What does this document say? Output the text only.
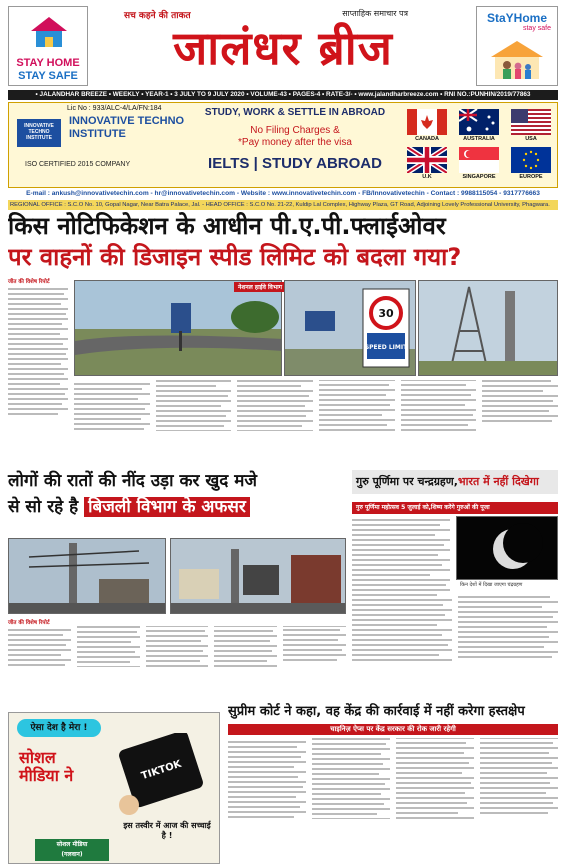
STAY HOME
STAY SAFE
सच कहने की ताकत	साप्ताहिक समाचार पत्र
जालंधर ब्रीज
StaYHome
stay safe
• JALANDHAR BREEZE • WEEKLY • YEAR-1 • 3 JULY TO 9 JULY 2020 • VOLUME-43 • PAGES-4 • RATE-3/- • www.jalandharbreeze.com • RNI NO.:PUNHIN/2019/77863
Lic No : 933/ALC-4/LA/FN:184
INNOVATIVE TECHNO INSTITUTE
INNOVATIVE TECHNO INSTITUTE
ISO CERTIFIED 2015 COMPANY
STUDY, WORK & SETTLE IN ABROAD
No Filing Charges &
*Pay money after the visa
IELTS | STUDY ABROAD
CANADA	AUSTRALIA	USA
U.K	SINGAPORE	EUROPE
E-mail : ankush@innovativetechin.com - hr@innovativetechin.com - Website : www.innovativetechin.com - FB/Innovativetechin - Contact : 9988115054 - 9317776663
REGIONAL OFFICE : S.C.O No. 10, Gopal Nagar, Near Batra Palace, Jal. - HEAD OFFICE : S.C.O No. 21-22, Kuldip Lal Complex, Highway Plaza, GT Road, Adjoining Lovely Professional University, Phagwara.
किस नोटिफिकेशन के आधीन पी.ए.पी.फ्लाईओवर
पर वाहनों की डिजाइन स्पीड लिमिट को बदला गया?
जीत की विशेष रिपोर्ट
नेशनल हाईवे विभाग
30
SPEED LIMIT
लोगों की रातों की नींद उड़ा कर खुद मजे
से सो रहे है बिजली विभाग के अफसर
जीत की विशेष रिपोर्ट
गुरु पूर्णिमा पर चन्द्रग्रहण,भारत में नहीं दिखेगा
गुरु पूर्णिमा महोत्सव 5 जुलाई को,शिष्य करेंगे गुरुओं की पूजा
किन देशों में दिखा जाएगा चंद्रग्रहण
ऐसा देश है मेरा !
सोशल
मीडिया ने	TIKTOK
इस तस्वीर में आज की सच्चाई है !
सोशल मीडिया
(गलवान)
सुप्रीम कोर्ट ने कहा, वह केंद्र की कार्रवाई में नहीं करेगा हस्तक्षेप
चाइनिज़ ऐप्स पर केंद्र सरकार की रोक जारी रहेगी
